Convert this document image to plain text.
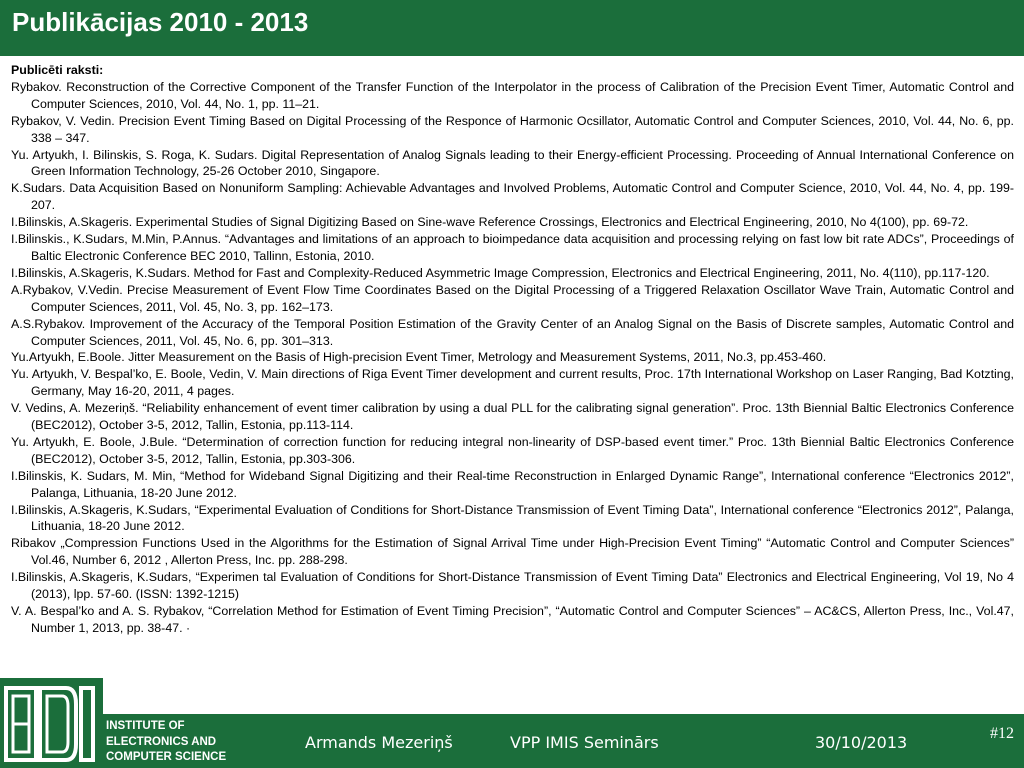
Publikācijas 2010 - 2013

Publicēti raksti:

Rybakov. Reconstruction of the Corrective Component of the Transfer Function of the Interpolator in the process of Calibration of the Precision Event Timer, Automatic Control and Computer Sciences, 2010, Vol. 44, No. 1, pp. 11–21.

Rybakov, V. Vedin. Precision Event Timing Based on Digital Processing of the Responce of Harmonic Ocsillator, Automatic Control and Computer Sciences, 2010, Vol. 44, No. 6, pp. 338 – 347.

Yu. Artyukh, I. Bilinskis, S. Roga, K. Sudars. Digital Representation of Analog Signals leading to their Energy-efficient Processing. Proceeding of Annual International Conference on Green Information Technology, 25-26 October 2010, Singapore.

K.Sudars. Data Acquisition Based on Nonuniform Sampling: Achievable Advantages and Involved Problems, Automatic Control and Computer Science, 2010, Vol. 44, No. 4, pp. 199-207.

I.Bilinskis, A.Skageris. Experimental Studies of Signal Digitizing Based on Sine-wave Reference Crossings, Electronics and Electrical Engineering, 2010, No 4(100), pp. 69-72.

I.Bilinskis., K.Sudars, M.Min, P.Annus. “Advantages and limitations of an approach to bioimpedance data acquisition and processing relying on fast low bit rate ADCs”, Proceedings of Baltic Electronic Conference BEC 2010, Tallinn, Estonia, 2010.

I.Bilinskis, A.Skageris, K.Sudars. Method for Fast and Complexity-Reduced Asymmetric Image Compression, Electronics and Electrical Engineering, 2011, No. 4(110), pp.117-120.

A.Rybakov, V.Vedin. Precise Measurement of Event Flow Time Coordinates Based on the Digital Processing of a Triggered Relaxation Oscillator Wave Train, Automatic Control and Computer Sciences, 2011, Vol. 45, No. 3, pp. 162–173.

A.S.Rybakov. Improvement of the Accuracy of the Temporal Position Estimation of the Gravity Center of an Analog Signal on the Basis of Discrete samples, Automatic Control and Computer Sciences, 2011, Vol. 45, No. 6, pp. 301–313.

Yu.Artyukh, E.Boole. Jitter Measurement on the Basis of High-precision Event Timer, Metrology and Measurement Systems, 2011, No.3, pp.453-460.

Yu. Artyukh, V. Bespal’ko, E. Boole, Vedin, V. Main directions of Riga Event Timer development and current results, Proc. 17th International Workshop on Laser Ranging, Bad Kotzting, Germany, May 16-20, 2011, 4 pages.

V. Vedins, A. Mezeriņš. “Reliability enhancement of event timer calibration by using a dual PLL for the calibrating signal generation”. Proc. 13th Biennial Baltic Electronics Conference (BEC2012), October 3-5, 2012, Tallin, Estonia, pp.113-114.

Yu. Artyukh, E. Boole, J.Bule. “Determination of correction function for reducing integral non-linearity of DSP-based event timer.” Proc. 13th Biennial Baltic Electronics Conference (BEC2012), October 3-5, 2012, Tallin, Estonia, pp.303-306.

I.Bilinskis, K. Sudars, M. Min, “Method for Wideband Signal Digitizing and their Real-time Reconstruction in Enlarged Dynamic Range”, International conference “Electronics 2012”, Palanga, Lithuania, 18-20 June 2012.

I.Bilinskis, A.Skageris, K.Sudars, “Experimental Evaluation of Conditions for Short-Distance Transmission of Event Timing Data”, International conference “Electronics 2012”, Palanga, Lithuania, 18-20 June 2012.

Ribakov „Compression Functions Used in the Algorithms for the Estimation of Signal Arrival Time under High-Precision Event Timing” “Automatic Control and Computer Sciences” Vol.46, Number 6, 2012 , Allerton Press, Inc. pp. 288-298.

I.Bilinskis, A.Skageris, K.Sudars, “Experimen tal Evaluation of Conditions for Short-Distance Transmission of Event Timing Data” Electronics and Electrical Engineering, Vol 19, No 4 (2013), lpp. 57-60. (ISSN: 1392-1215)

V. A. Bespal’ko and A. S. Rybakov, “Correlation Method for Estimation of Event Timing Precision”, “Automatic Control and Computer Sciences” – AC&CS, Allerton Press, Inc., Vol.47, Number 1, 2013, pp. 38-47. ·

INSTITUTE OF
ELECTRONICS AND
COMPUTER SCIENCE
Armands Mezeriņš	VPP IMIS Seminārs	30/10/2013	#12
